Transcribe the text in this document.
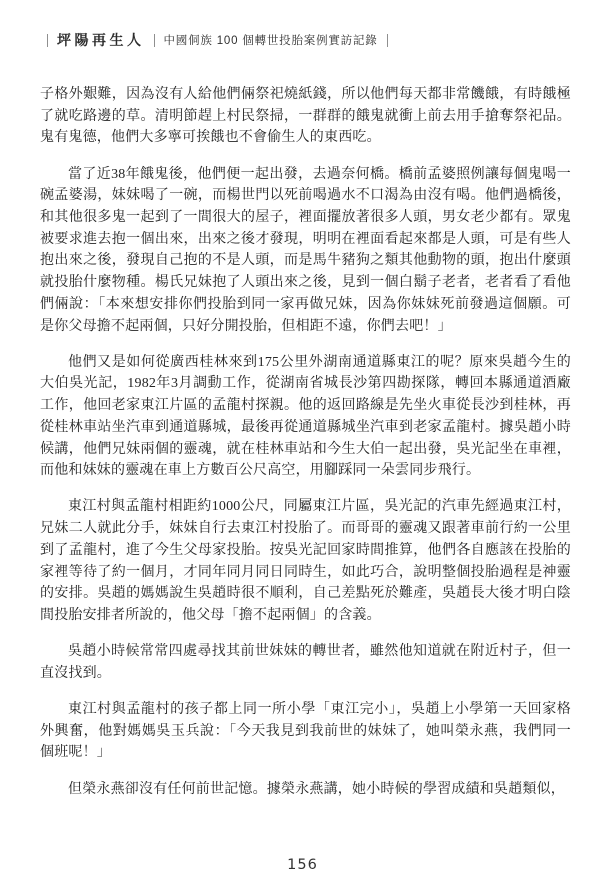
坪陽再生人 中國侗族 100 個轉世投胎案例實訪記錄

子格外艱難，因為沒有人給他們倆祭祀燒紙錢，所以他們每天都非常饑餓，有時餓極了就吃路邊的草。清明節趕上村民祭掃，一群群的餓鬼就衝上前去用手搶奪祭祀品。鬼有鬼德，他們大多寧可挨餓也不會偷生人的東西吃。

當了近38年餓鬼後，他們便一起出發，去過奈何橋。橋前孟婆照例讓每個鬼喝一碗孟婆湯，妹妹喝了一碗，而楊世門以死前喝過水不口渴為由沒有喝。他們過橋後，和其他很多鬼一起到了一間很大的屋子，裡面擺放著很多人頭，男女老少都有。眾鬼被要求進去抱一個出來，出來之後才發現，明明在裡面看起來都是人頭，可是有些人抱出來之後，發現自己抱的不是人頭，而是馬牛豬狗之類其他動物的頭，抱出什麼頭就投胎什麼物種。楊氏兄妹抱了人頭出來之後，見到一個白鬍子老者，老者看了看他們倆說：「本來想安排你們投胎到同一家再做兄妹，因為你妹妹死前發過這個願。可是你父母擔不起兩個，只好分開投胎，但相距不遠，你們去吧！」

他們又是如何從廣西桂林來到175公里外湖南通道縣東江的呢？原來吳趙今生的大伯吳光記，1982年3月調動工作，從湖南省城長沙第四勘探隊，轉回本縣通道酒廠工作，他回老家東江片區的孟龍村探親。他的返回路線是先坐火車從長沙到桂林，再從桂林車站坐汽車到通道縣城，最後再從通道縣城坐汽車到老家孟龍村。據吳趙小時候講，他們兄妹兩個的靈魂，就在桂林車站和今生大伯一起出發，吳光記坐在車裡，而他和妹妹的靈魂在車上方數百公尺高空，用腳踩同一朵雲同步飛行。

東江村與孟龍村相距約1000公尺，同屬東江片區，吳光記的汽車先經過東江村，兄妹二人就此分手，妹妹自行去東江村投胎了。而哥哥的靈魂又跟著車前行約一公里到了孟龍村，進了今生父母家投胎。按吳光記回家時間推算，他們各自應該在投胎的家裡等待了約一個月，才同年同月同日同時生，如此巧合，說明整個投胎過程是神靈的安排。吳趙的媽媽說生吳趙時很不順利，自己差點死於難產，吳趙長大後才明白陰間投胎安排者所說的，他父母「擔不起兩個」的含義。

吳趙小時候常常四處尋找其前世妹妹的轉世者，雖然他知道就在附近村子，但一直沒找到。

東江村與孟龍村的孩子都上同一所小學「東江完小」，吳趙上小學第一天回家格外興奮，他對媽媽吳玉兵說：「今天我見到我前世的妹妹了，她叫榮永燕，我們同一個班呢！」

但榮永燕卻沒有任何前世記憶。據榮永燕講，她小時候的學習成績和吳趙類似，

156
